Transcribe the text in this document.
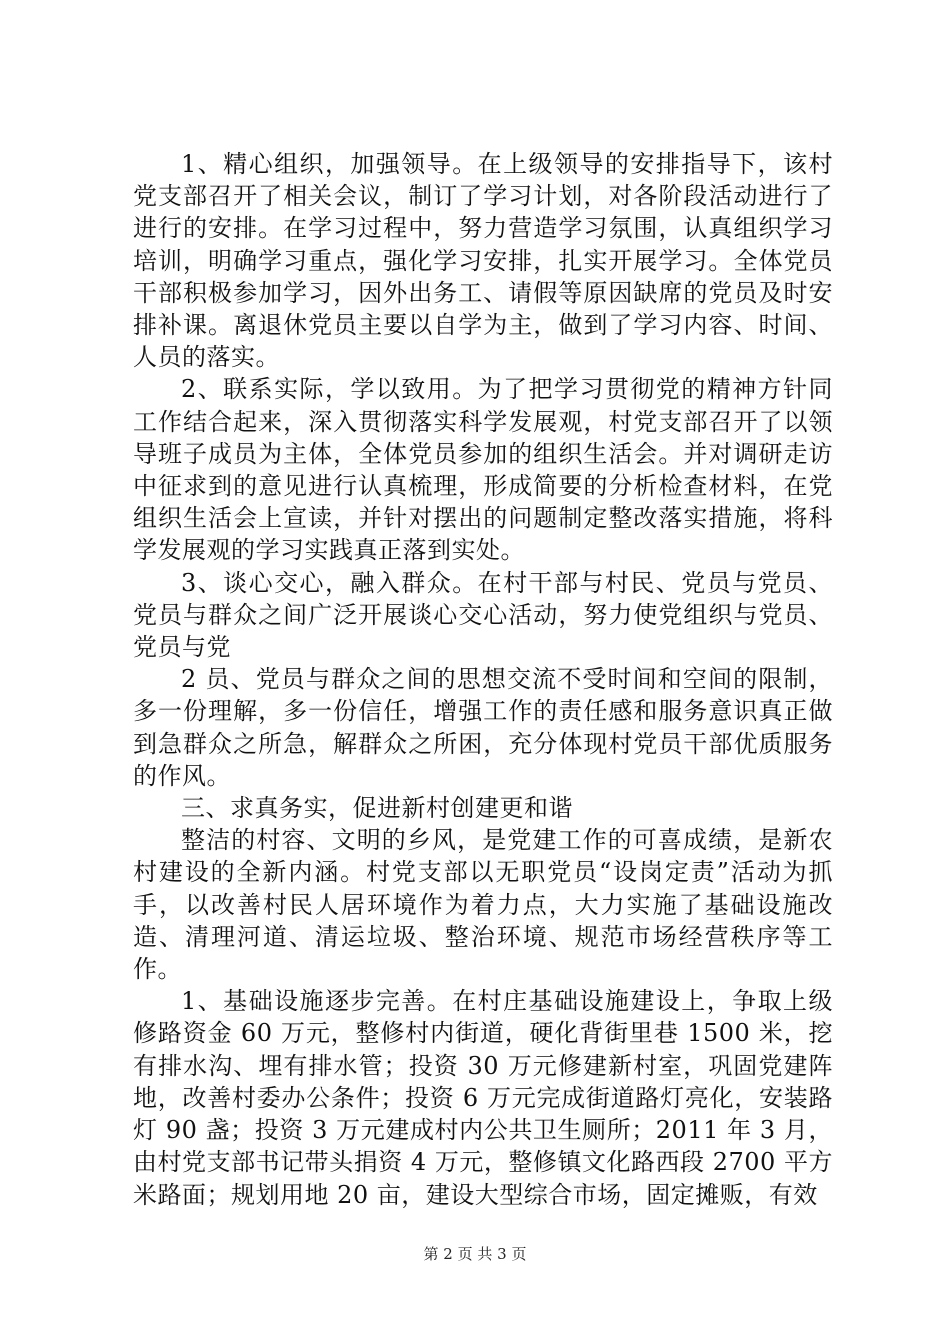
1、精心组织，加强领导。在上级领导的安排指导下，该村党支部召开了相关会议，制订了学习计划，对各阶段活动进行了进行的安排。在学习过程中，努力营造学习氛围，认真组织学习培训，明确学习重点，强化学习安排，扎实开展学习。全体党员干部积极参加学习，因外出务工、请假等原因缺席的党员及时安排补课。离退休党员主要以自学为主，做到了学习内容、时间、人员的落实。

2、联系实际，学以致用。为了把学习贯彻党的精神方针同工作结合起来，深入贯彻落实科学发展观，村党支部召开了以领导班子成员为主体，全体党员参加的组织生活会。并对调研走访中征求到的意见进行认真梳理，形成简要的分析检查材料，在党组织生活会上宣读，并针对摆出的问题制定整改落实措施，将科学发展观的学习实践真正落到实处。

3、谈心交心，融入群众。在村干部与村民、党员与党员、党员与群众之间广泛开展谈心交心活动，努力使党组织与党员、党员与党

2 员、党员与群众之间的思想交流不受时间和空间的限制，多一份理解，多一份信任，增强工作的责任感和服务意识真正做到急群众之所急，解群众之所困，充分体现村党员干部优质服务的作风。

三、求真务实，促进新村创建更和谐

整洁的村容、文明的乡风，是党建工作的可喜成绩，是新农村建设的全新内涵。村党支部以无职党员“设岗定责”活动为抓手，以改善村民人居环境作为着力点，大力实施了基础设施改造、清理河道、清运垃圾、整治环境、规范市场经营秩序等工作。

1、基础设施逐步完善。在村庄基础设施建设上，争取上级修路资金 60 万元，整修村内街道，硬化背街里巷 1500 米，挖有排水沟、埋有排水管；投资 30 万元修建新村室，巩固党建阵地，改善村委办公条件；投资 6 万元完成街道路灯亮化，安装路灯 90 盏；投资 3 万元建成村内公共卫生厕所；2011 年 3 月，由村党支部书记带头捐资 4 万元，整修镇文化路西段 2700 平方米路面；规划用地 20 亩，建设大型综合市场，固定摊贩，有效

第 2 页 共 3 页
